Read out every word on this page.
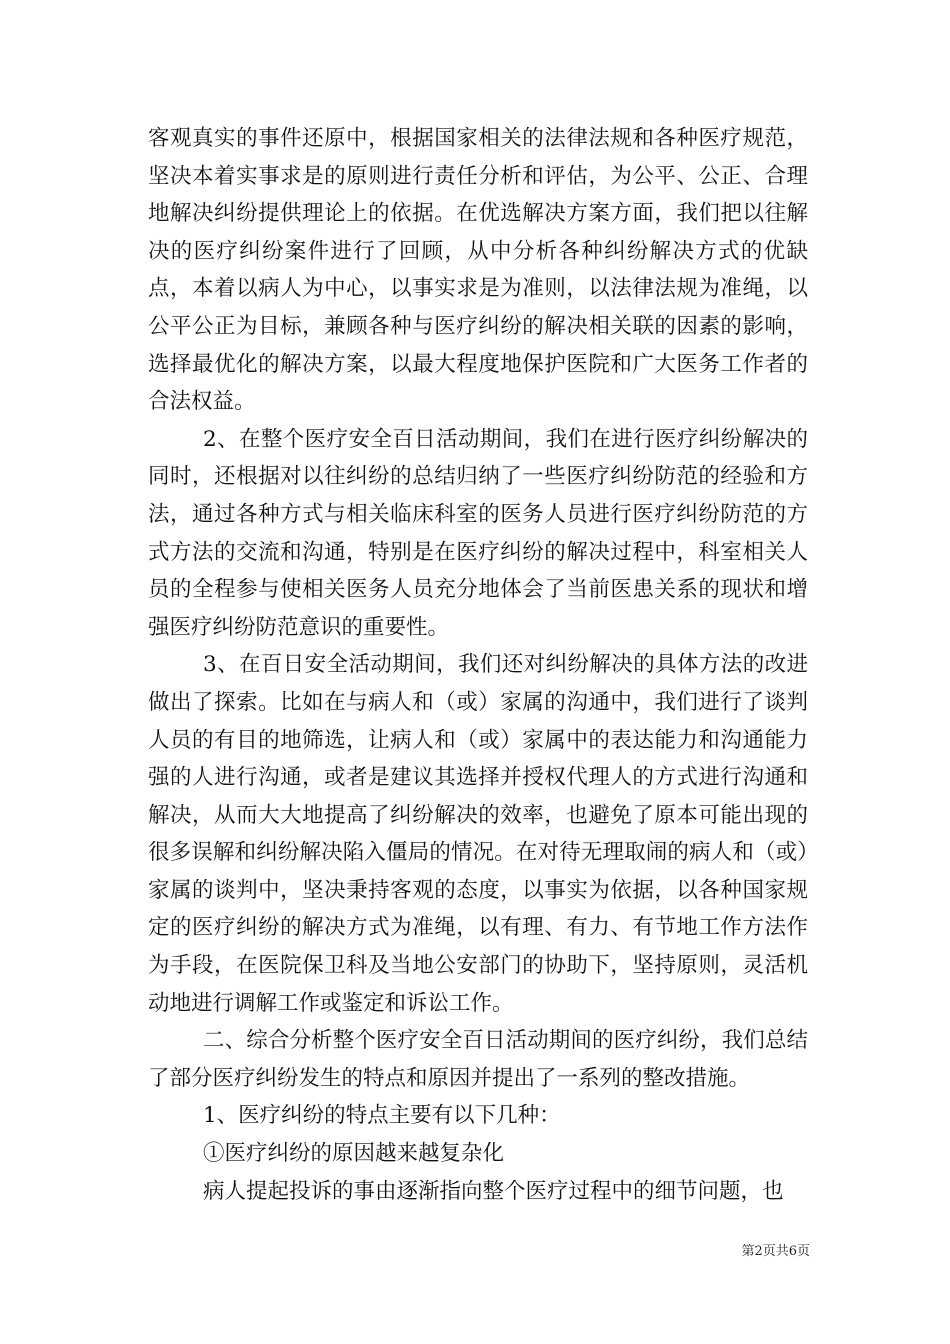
客观真实的事件还原中，根据国家相关的法律法规和各种医疗规范，坚决本着实事求是的原则进行责任分析和评估，为公平、公正、合理地解决纠纷提供理论上的依据。在优选解决方案方面，我们把以往解决的医疗纠纷案件进行了回顾，从中分析各种纠纷解决方式的优缺点，本着以病人为中心，以事实求是为准则，以法律法规为准绳，以公平公正为目标，兼顾各种与医疗纠纷的解决相关联的因素的影响，选择最优化的解决方案，以最大程度地保护医院和广大医务工作者的合法权益。

2、在整个医疗安全百日活动期间，我们在进行医疗纠纷解决的同时，还根据对以往纠纷的总结归纳了一些医疗纠纷防范的经验和方法，通过各种方式与相关临床科室的医务人员进行医疗纠纷防范的方式方法的交流和沟通，特别是在医疗纠纷的解决过程中，科室相关人员的全程参与使相关医务人员充分地体会了当前医患关系的现状和增强医疗纠纷防范意识的重要性。

3、在百日安全活动期间，我们还对纠纷解决的具体方法的改进做出了探索。比如在与病人和（或）家属的沟通中，我们进行了谈判人员的有目的地筛选，让病人和（或）家属中的表达能力和沟通能力强的人进行沟通，或者是建议其选择并授权代理人的方式进行沟通和解决，从而大大地提高了纠纷解决的效率，也避免了原本可能出现的很多误解和纠纷解决陷入僵局的情况。在对待无理取闹的病人和（或）家属的谈判中，坚决秉持客观的态度，以事实为依据，以各种国家规定的医疗纠纷的解决方式为准绳，以有理、有力、有节地工作方法作为手段，在医院保卫科及当地公安部门的协助下，坚持原则，灵活机动地进行调解工作或鉴定和诉讼工作。

二、综合分析整个医疗安全百日活动期间的医疗纠纷，我们总结了部分医疗纠纷发生的特点和原因并提出了一系列的整改措施。

1、医疗纠纷的特点主要有以下几种：

①医疗纠纷的原因越来越复杂化

病人提起投诉的事由逐渐指向整个医疗过程中的细节问题，也

第2页共6页
